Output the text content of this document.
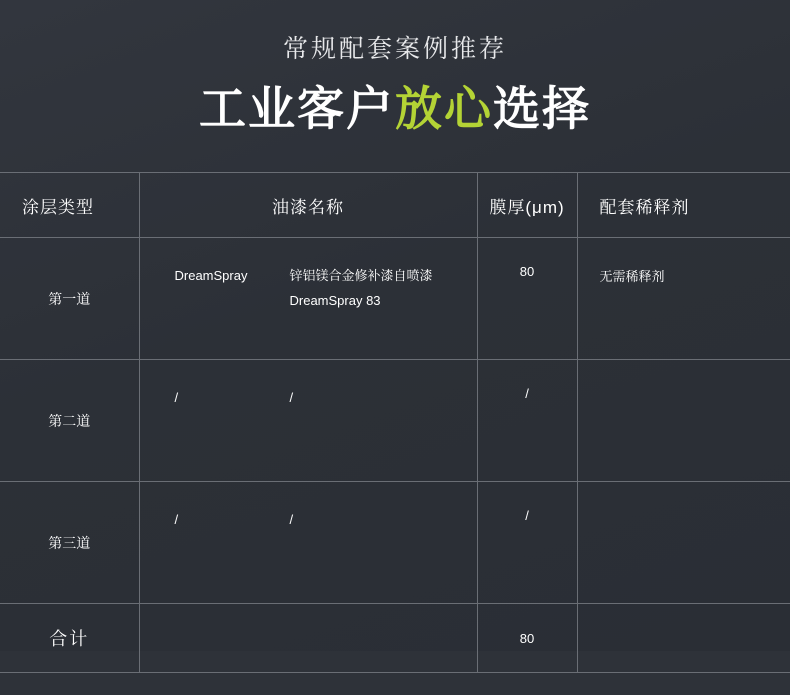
常规配套案例推荐
工业客户放心选择
涂层类型	油漆名称	膜厚(μm)	配套稀释剂
第一道	DreamSpray 锌铝镁合金修补漆自喷漆
DreamSpray 83	80	无需稀释剂
第二道	/ /	/	
第三道	/ /	/	
合计		80	
